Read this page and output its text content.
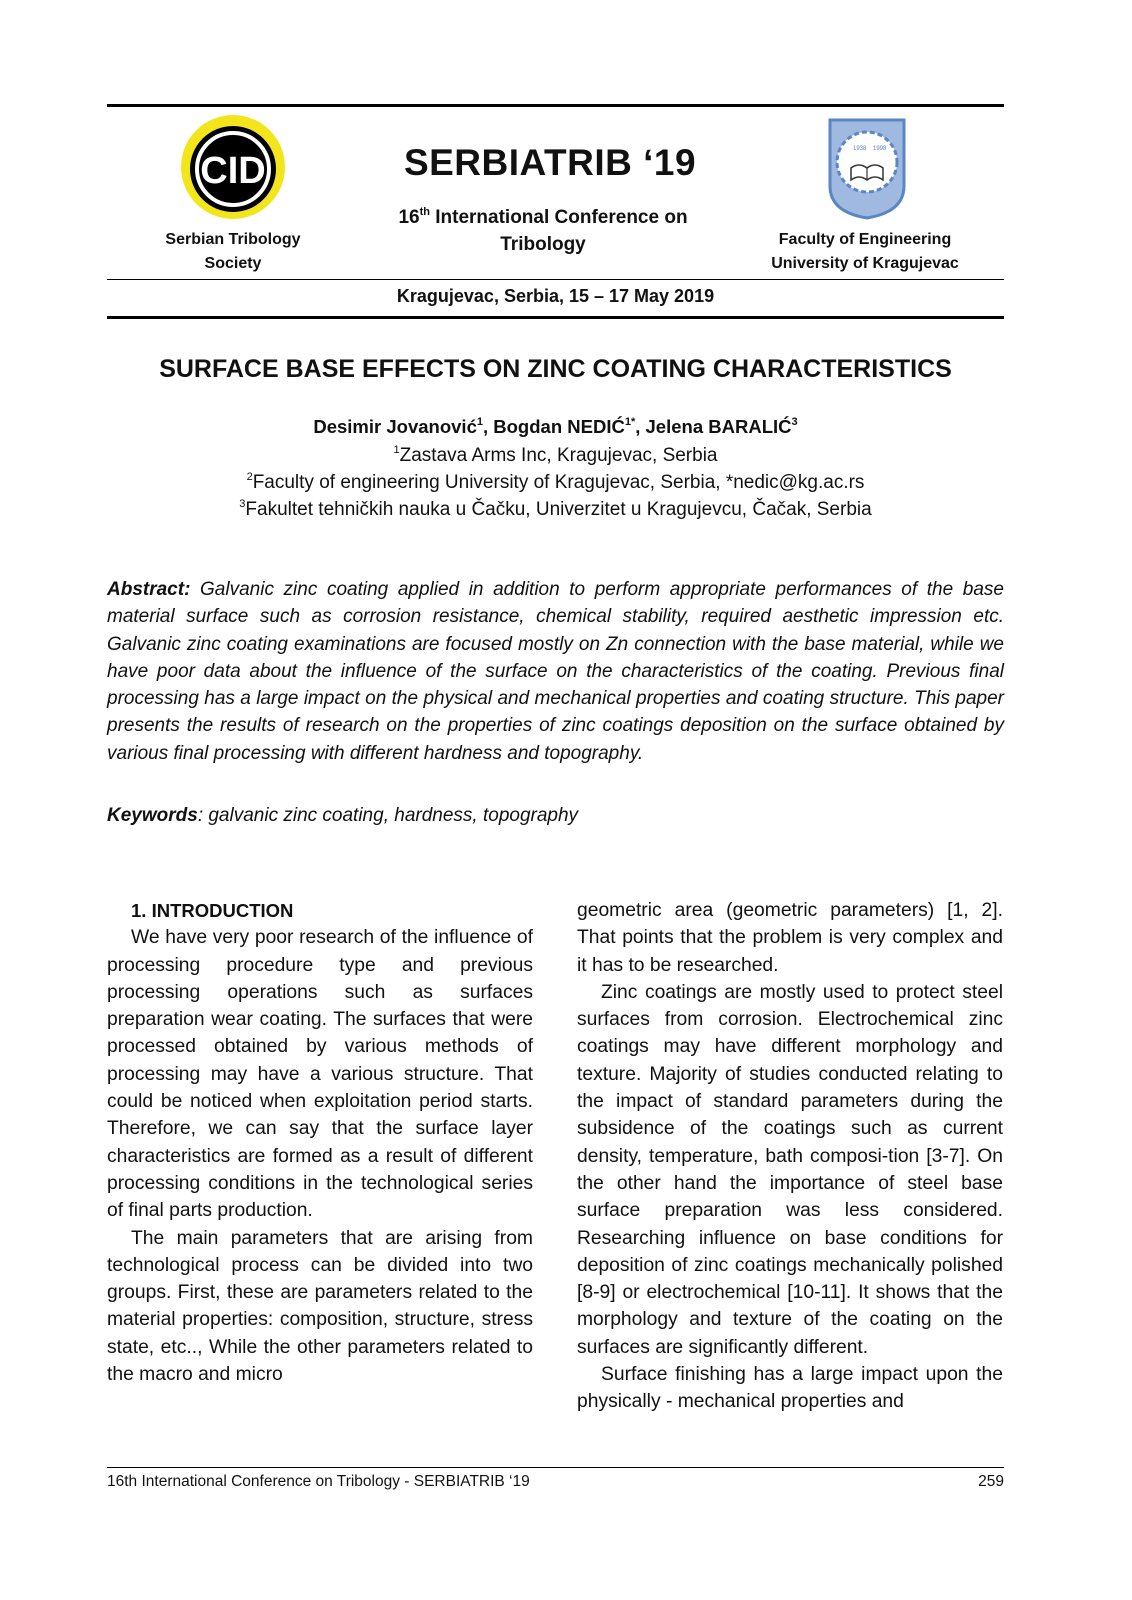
CID
Serbian Tribology
Society
SERBIATRIB ‘19
16th International Conference on
Tribology
1938 1998
Faculty of Engineering
University of Kragujevac
Kragujevac, Serbia, 15 – 17 May 2019
SURFACE BASE EFFECTS ON ZINC COATING CHARACTERISTICS
Desimir Jovanović$^1$, Bogdan $NEDIĆ^{1*}$, Jelena BARALIĆ$^3$
$^1$Zastava Arms Inc, Kragujevac, Serbia
$^2$Faculty of engineering University of Kragujevac, Serbia, *nedic@kg.ac.rs
$^3$Fakultet tehničkih nauka u Čačku, Univerzitet u Kragujevcu, Čačak, Serbia
Abstract: Galvanic zinc coating applied in addition to perform appropriate performances of the base material surface such as corrosion resistance, chemical stability, required aesthetic impression etc. Galvanic zinc coating examinations are focused mostly on Zn connection with the base material, while we have poor data about the influence of the surface on the characteristics of the coating. Previous final processing has a large impact on the physical and mechanical properties and coating structure. This paper presents the results of research on the properties of zinc coatings deposition on the surface obtained by various final processing with different hardness and topography.
Keywords: galvanic zinc coating, hardness, topography

1. INTRODUCTION

We have very poor research of the influence of processing procedure type and previous processing operations such as surfaces preparation wear coating. The surfaces that were processed obtained by various methods of processing may have a various structure. That could be noticed when exploitation period starts. Therefore, we can say that the surface layer characteristics are formed as a result of different processing conditions in the technological series of final parts production.

The main parameters that are arising from technological process can be divided into two groups. First, these are parameters related to the material properties: composition, structure, stress state, etc.., While the other parameters related to the macro and micro

geometric area (geometric parameters) [1, 2]. That points that the problem is very complex and it has to be researched.

Zinc coatings are mostly used to protect steel surfaces from corrosion. Electrochemical zinc coatings may have different morphology and texture. Majority of studies conducted relating to the impact of standard parameters during the subsidence of the coatings such as current density, temperature, bath composi-tion [3-7]. On the other hand the importance of steel base surface preparation was less considered. Researching influence on base conditions for deposition of zinc coatings mechanically polished [8-9] or electrochemical [10-11]. It shows that the morphology and texture of the coating on the surfaces are significantly different.

Surface finishing has a large impact upon the physically - mechanical properties and

16th International Conference on Tribology - SERBIATRIB ‘19	259
